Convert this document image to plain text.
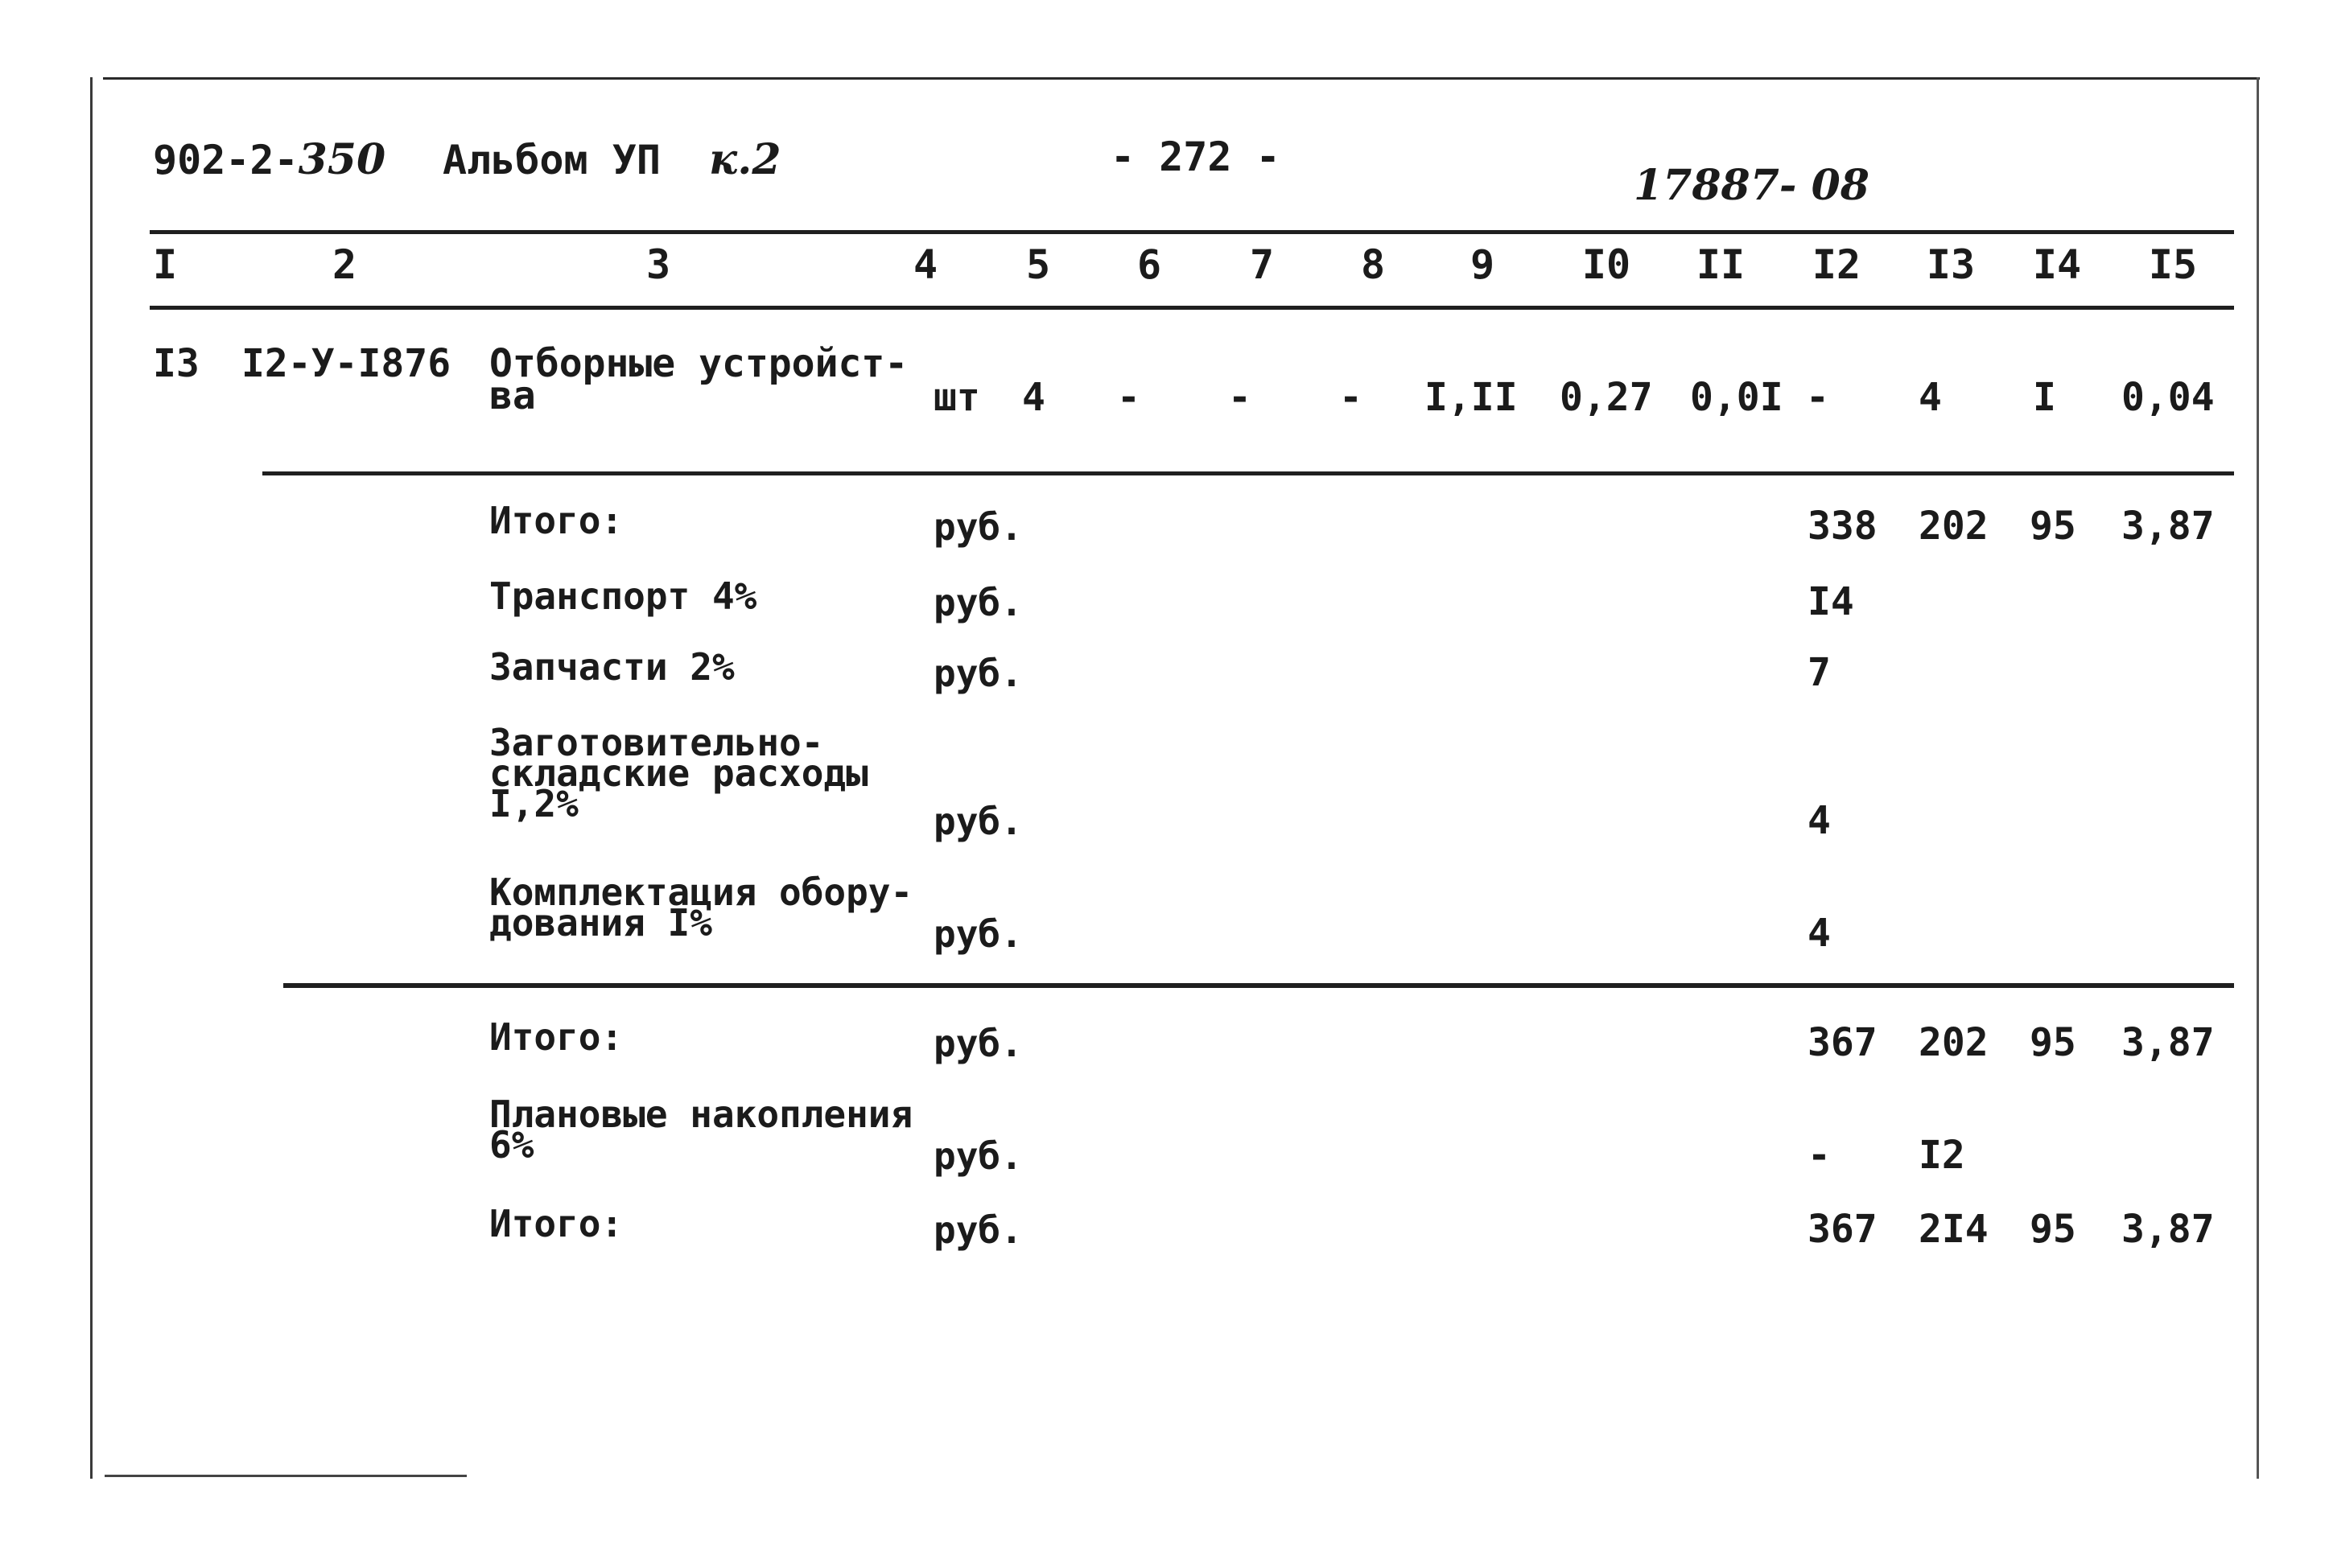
902-2-350 Альбом УП к.2	- 272 -
17887- 08
I	2	3	4 5 6 7 8 9 I0 II I2 I3 I4 I5
I3 I2-У-I876 Отборные устройст-
ва	шт 4 - - - I,II 0,27 0,0I - 4 I 0,04
Итого:	руб.	338 202 95 3,87
Транспорт 4%	руб.	I4
Запчасти 2%	руб.	7
Заготовительно-
складские расходы
I,2%	руб.	4
Комплектация обору-
дования I%	руб.	4
Итого:	руб.	367 202 95 3,87
Плановые накопления
6%	руб.	- I2
Итого:	руб.	367 2I4 95 3,87
